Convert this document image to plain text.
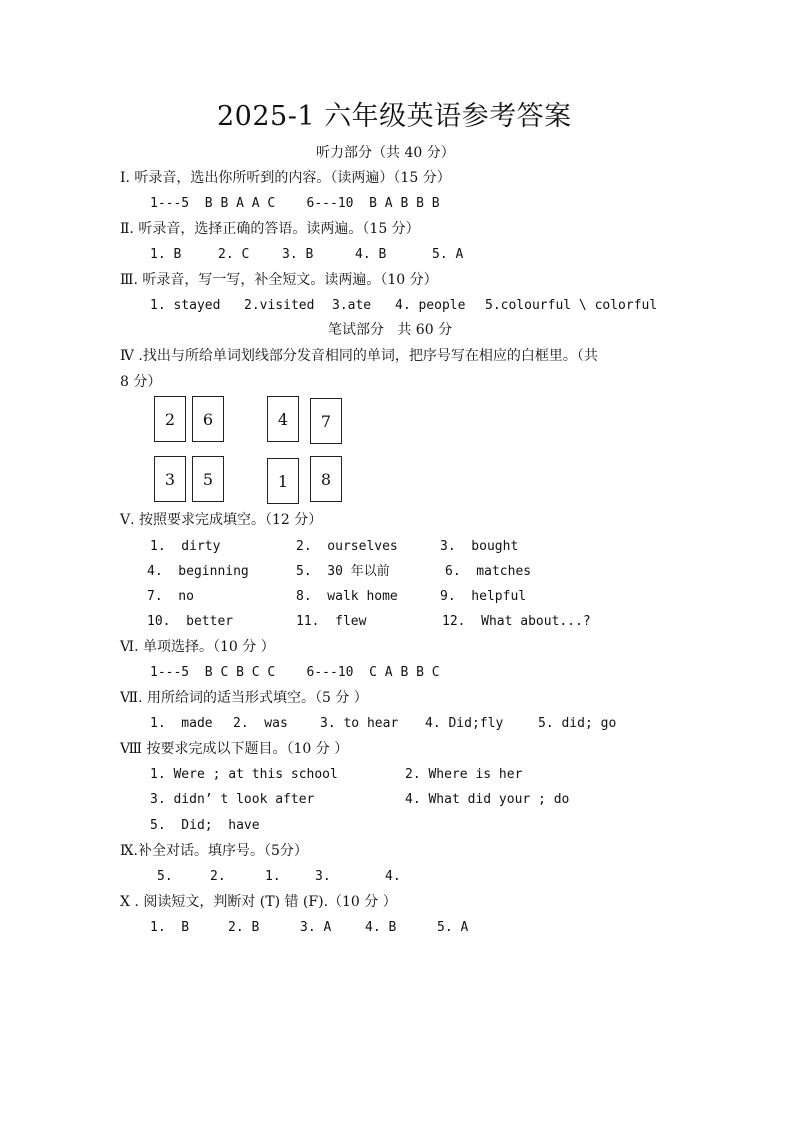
2025-1 六年级英语参考答案
听力部分（共 40 分）
Ⅰ. 听录音，选出你所听到的内容。（读两遍）（15 分）
1---5  B B A A C    6---10  B A B B B
Ⅱ. 听录音，选择正确的答语。读两遍。（15 分）
1. B	2. C	3. B	4. B	5. A
Ⅲ. 听录音，写一写，补全短文。读两遍。（10 分）
1. stayed 2.visited 3.ate 4. people 5.colourful \ colorful
笔试部分   共 60 分
Ⅳ .找出与所给单词划线部分发音相同的单词，把序号写在相应的白框里。（共
8 分）
2	6	4	7
3	5	1	8
Ⅴ. 按照要求完成填空。（12 分）
1.  dirty	2.  ourselves	3.  bought
4.  beginning	5.  30 年以前	6.  matches
7.  no	8.  walk home	9.  helpful
10.  better	11.  flew	12.  What about...?
Ⅵ. 单项选择。（10 分 ）
1---5  B C B C C    6---10  C A B B C
Ⅶ. 用所给词的适当形式填空。（5 分 ）
1.  made 2.  was 3. to hear 4. Did;fly	5. did; go
Ⅷ 按要求完成以下题目。（10 分 ）
1. Were ; at this school	2. Where is her
3. didn’ t look after	4. What did your ; do
5.  Did;  have
Ⅸ.补全对话。填序号。（5分）
5.	2.	1.	3.	4.
Ⅹ . 阅读短文，判断对 (T) 错 (F).（10 分 ）
1.  B	2. B	3. A	4. B	5. A
